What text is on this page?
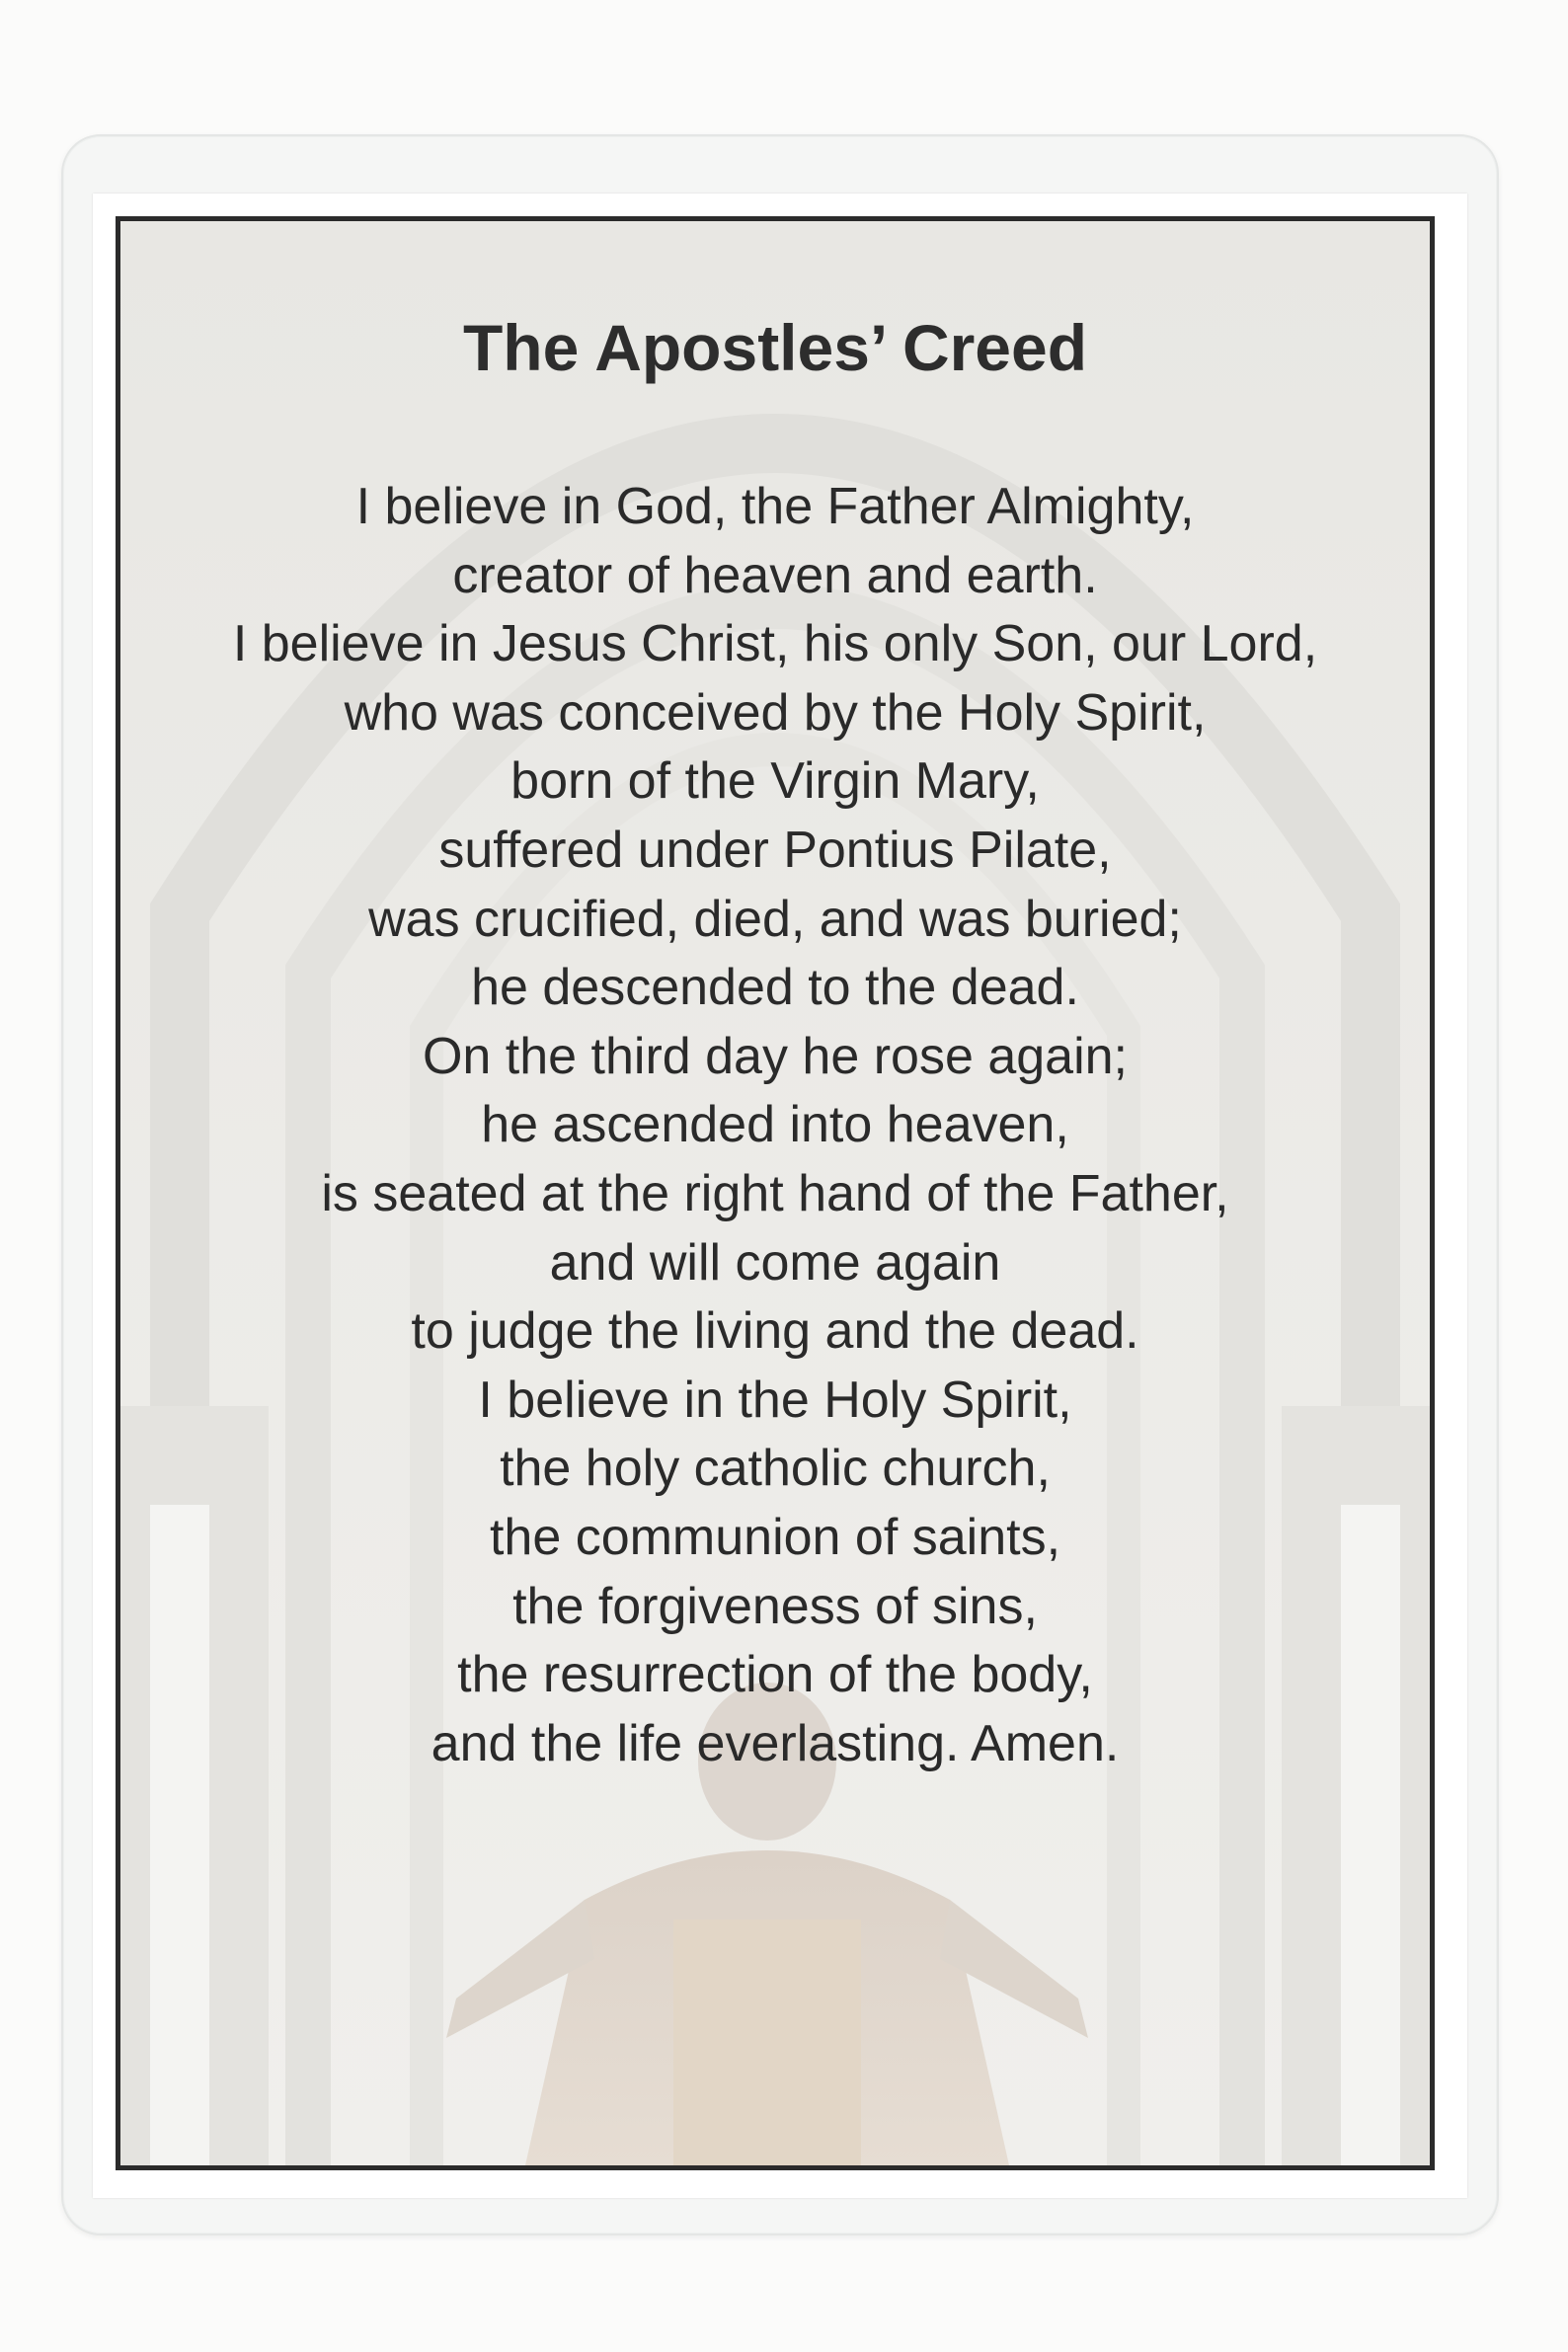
The Apostles’ Creed
I believe in God, the Father Almighty,
creator of heaven and earth.
I believe in Jesus Christ, his only Son, our Lord,
who was conceived by the Holy Spirit,
born of the Virgin Mary,
suffered under Pontius Pilate,
was crucified, died, and was buried;
he descended to the dead.
On the third day he rose again;
he ascended into heaven,
is seated at the right hand of the Father,
and will come again
to judge the living and the dead.
I believe in the Holy Spirit,
the holy catholic church,
the communion of saints,
the forgiveness of sins,
the resurrection of the body,
and the life everlasting. Amen.
